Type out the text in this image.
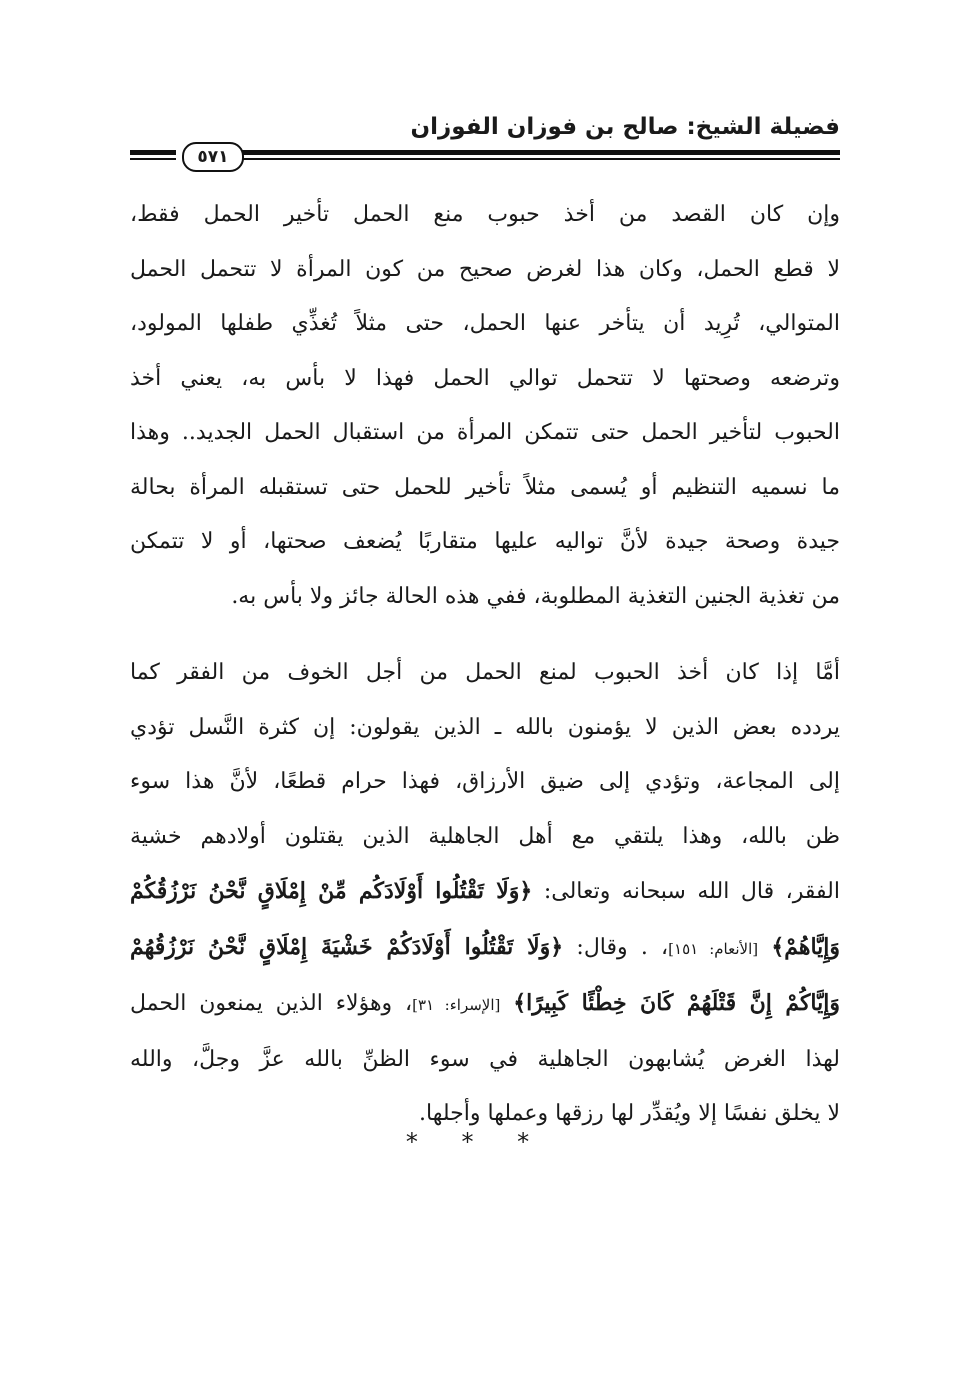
فضيلة الشيخ: صالح بن فوزان الفوزان
٥٧١
وإن كان القصد من أخذ حبوب منع الحمل تأخير الحمل فقط،
لا قطع الحمل، وكان هذا لغرض صحيح من كون المرأة لا تتحمل الحمل
المتوالي، تُرِيد أن يتأخر عنها الحمل، حتى مثلاً تُغذِّي طفلها المولود،
وترضعه وصحتها لا تتحمل توالي الحمل فهذا لا بأس به، يعني أخذ
الحبوب لتأخير الحمل حتى تتمكن المرأة من استقبال الحمل الجديد.. وهذا
ما نسميه التنظيم أو يُسمى مثلاً تأخير للحمل حتى تستقبله المرأة بحالة
جيدة وصحة جيدة لأنَّ تواليه عليها متقاربًا يُضعف صحتها، أو لا تتمكن
من تغذية الجنين التغذية المطلوبة، ففي هذه الحالة جائز ولا بأس به.
أمَّا إذا كان أخذ الحبوب لمنع الحمل من أجل الخوف من الفقر كما
يردده بعض الذين لا يؤمنون بالله ـ الذين يقولون: إن كثرة النَّسل تؤدي
إلى المجاعة، وتؤدي إلى ضيق الأرزاق، فهذا حرام قطعًا، لأنَّ هذا سوء
ظن بالله، وهذا يلتقي مع أهل الجاهلية الذين يقتلون أولادهم خشية
الفقر، قال الله سبحانه وتعالى: ﴿وَلَا تَقْتُلُوا أَوْلَادَكُم مِّنْ إِمْلَاقٍ نَّحْنُ نَرْزُقُكُمْ
وَإِيَّاهُمْ﴾ [الأنعام: ١٥١]، . وقال: ﴿وَلَا تَقْتُلُوا أَوْلَادَكُمْ خَشْيَةَ إِمْلَاقٍ نَّحْنُ نَرْزُقُهُمْ
وَإِيَّاكُمْ إِنَّ قَتْلَهُمْ كَانَ خِطْئًا كَبِيرًا﴾ [الإسراء: ٣١]، وهؤلاء الذين يمنعون الحمل
لهذا الغرض يُشابهون الجاهلية في سوء الظنِّ بالله عزَّ وجلَّ، والله
لا يخلق نفسًا إلا ويُقدِّر لها رزقها وعملها وأجلها.
* * *
